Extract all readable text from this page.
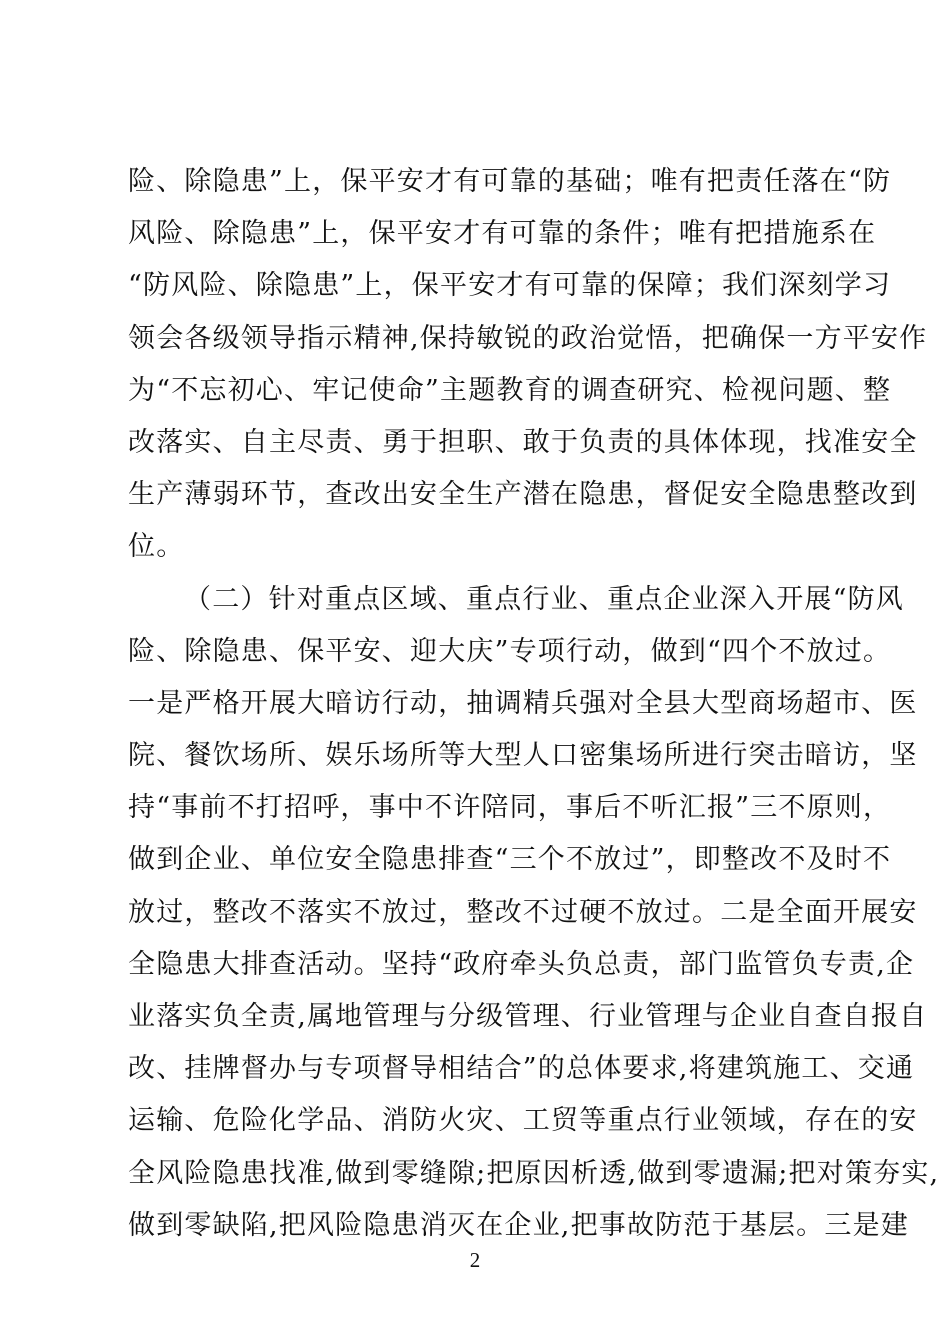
险、除隐患”上，保平安才有可靠的基础；唯有把责任落在“防
风险、除隐患”上，保平安才有可靠的条件；唯有把措施系在
“防风险、除隐患”上，保平安才有可靠的保障；我们深刻学习
领会各级领导指示精神,保持敏锐的政治觉悟，把确保一方平安作
为“不忘初心、牢记使命”主题教育的调查研究、检视问题、整
改落实、自主尽责、勇于担职、敢于负责的具体体现，找准安全
生产薄弱环节，查改出安全生产潜在隐患，督促安全隐患整改到
位。
（二）针对重点区域、重点行业、重点企业深入开展“防风
险、除隐患、保平安、迎大庆”专项行动，做到“四个不放过。
一是严格开展大暗访行动，抽调精兵强对全县大型商场超市、医
院、餐饮场所、娱乐场所等大型人口密集场所进行突击暗访，坚
持“事前不打招呼，事中不许陪同，事后不听汇报”三不原则，
做到企业、单位安全隐患排查“三个不放过”，即整改不及时不
放过，整改不落实不放过，整改不过硬不放过。二是全面开展安
全隐患大排查活动。坚持“政府牵头负总责，部门监管负专责,企
业落实负全责,属地管理与分级管理、行业管理与企业自查自报自
改、挂牌督办与专项督导相结合”的总体要求,将建筑施工、交通
运输、危险化学品、消防火灾、工贸等重点行业领域，存在的安
全风险隐患找准,做到零缝隙;把原因析透,做到零遗漏;把对策夯实,
做到零缺陷,把风险隐患消灭在企业,把事故防范于基层。三是建
2
